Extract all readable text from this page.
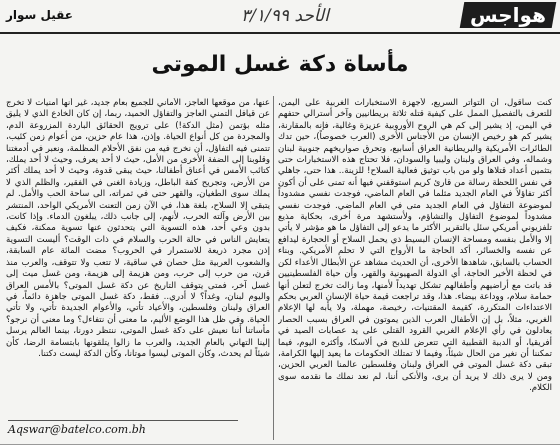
هواجس
الأحد ٣/١/٩٩
عقيل سوار
مأساة دكة غسل الموتى

كنت ساقول، أن التواتر السريع، لأجهزة الاستخبارات الغربية على اليمن، للتعرف بالتفصيل الممل على كيفية قتله ثلاثة بريطانيين وآخر أسترالي حتفهم في اليمن، إذ يشير إلى كم هي الروح الأوروبية عزيزة وغالية، فإنه بالمقارنة، يشير كم هو رخيص الإنسان من الأجناس الأخرى (العرب خصوصاً)، حين تدك الطائرات الأمريكية والبريطانية العراق أسابيع، وتحرق صواريخهم جنوبية لبنان وشماله، وفي العراق ولبنان وليبيا والسودان، فلا تحتاج هذه الاستخبارات حتى بتثمين أعداد قتلاها ولو من باب توثيق فعالية السلاح! للزينة.. هذا حتى، جاهلي في نفس اللحظة رسالة من قارئ كريم استوقفني فيها أنه تمنى على أن أكون أكثر تفاؤلاً في العام الجديد مثلما في العام الماضي، فوجدت نفسي مشدوداً لموضوعة التفاؤل في العام الجديد متى في العام الماضي. فوجدت نفسي مشدوداً لموضوع التفاؤل والتشاؤم، ولأستشهد مرة أخرى، بحكاية مذيع تلفزيوني أمريكي سئل بالتقرير الأكثر ما يدعو إلى التفاؤل ما هو مؤشر لا يأتي إلا والأمل بنفسه ومساحة الإنسان البسيط ذي يحمل السلاح أو الحجارة ليدافع عن نفسه والخسائر، أكد الحاجة ما الأرواح التي لا تحلم الأمريكي. وبناء الحساب بالسابق، شاهدها الأخرى، أن الحديث مشاهد عن الأبطال الأعداء لكن في لحظة الأخير الحاجة، أي الدولة الصهيونية والقهر، وأن حياة الفلسطينيين قد باتت مع أراضيهم وأطفالهم تشكل تهديداً لأمنها، وما زالت تخرج لتعلن أنها حمامة سلام، ووداعة بيضاء. هذا، وقد تراجعت قيمة حياة الإنسان العربي بحكم الاعتداءات المتكررة، كقيمة المقتنيات، رخيصة، مهملة، ولا يأبه لها الإعلام الغربي، مثلاً، بل إن الأطفال العرب الذين يموتون في العراق بسبب الحصار يعادلون في رأي الإعلام الغربي القرود القتلى على يد عصابات الصيد في أفريقيا، أو الدببة القطبية التي تتعرض للذبح في ألاسكا، وأكثره اليوم، فيما تمكننا أن نغير من الحال شيئاً، وفيما لا تمتلك الحكومات ما يعيد إليها الكرامة، تبقى دكة غسل الموتى في العراق ولبنان وفلسطين عالمنا العربي الحزين، ومن لا يرى ذلك لا يريد أن يرى، والأنكى أننا، لم نعد نملك ما نقدمه سوى الكلام.

عنها، من موقعها العاجز، الأماني للجميع بعام جديد، غير أنها أمنيات لا تخرج عن قيافل التمني العاجز والتفاؤل الحميد، ربما، إن كان الخادع الذي لا يليق مثله بؤتمن (مثل الدكة!) على ترويج الحقائق الباردة المزروعة الدم، والمجردة من كل أنواع الحياة. وإذن، هذا عام حزين، من أعوام زمن كئيب، تتمنى فيه التفاؤل، أن نخرج فيه من نفق الأحلام المظلمة، ونعبر في أدمغتنا وقلوبنا إلى الضفة الأخرى من الأمل، حيث لا أحد يعرف، وحيث لا أحد يملك، كتائب الأمس في أعناق أطفالنا، حيث يبقى قدوة، وحيث لا أحد يملك أكثر من الأرض، وتجريح كفة الباطل، وزيادة الغنى في الفقير، والظلم الذي لا يملك سوى الطغيان، والقهر حتى في ثمراته، الى ساحة الحب والأمل. لم يتبقى إلا السلاح، بلغة هذا، في الآن زمن التعنت الأمريكي الواحد، المنتشر بين الأرض وآلته الحرب، لأنهم، إلى جانب ذلك، يبلغون الدماء. وإذا كانت، بدون وعي أحد، هذه التسوية التي يتحدثون عنها تسوية ممكنة، فكيف يتعايش الناس في حالة الحرب والسلام في ذات الوقت؟ أليست التسوية إذن مجرد ذريعة للاستمرار في الحروب؟ مضت المائة عام السابقة، والشعوب العربية مثل حصان في ساقية، لا تتعب ولا تتوقف، والعرب منذ قرن، من حرب إلى حرب، ومن هزيمة إلى هزيمة، ومن غسل ميت إلى غسل آخر، فمتى يتوقف التاريخ عن دكة غسل الموتى؟ بالأمس العراق واليوم لبنان، وغداً؟ لا أدري.. فقط، دكة غسل الموتى جاهزة دائماً، في العراق ولبنان وفلسطين، والأعياد تأتي، والأعوام الجديدة تأتي، ولا تأتي الحياة. وفي ظل هذا الوضع الأليم، ما معنى أن نتفاءل؟ وما معنى أن نرجو؟ مأساتنا أننا نعيش على دكة غسل الموتى، ننتظر دورنا، بينما العالم يرسل إلينا التهاني بالعام الجديد، والعرب ما زالوا يتلقونها بابتسامة الرضا، كأن شيئاً لم يحدث، وكأن الموتى ليسوا موتانا، وكأن الدكة ليست دكتنا.

Aqswar@batelco.com.bh
